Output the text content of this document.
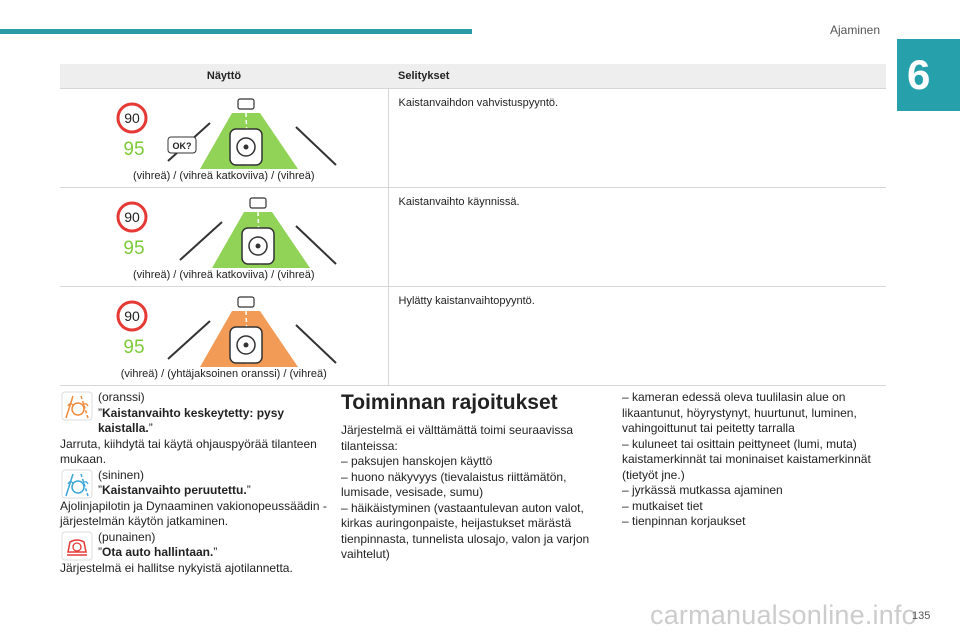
Ajaminen
6
Näyttö	Selitykset

90
95 OK?
(vihreä) / (vihreä katkoviiva) / (vihreä)	Kaistanvaihdon vahvistuspyyntö.

90
95
(vihreä) / (vihreä katkoviiva) / (vihreä)	Kaistanvaihto käynnissä.

90
95
(vihreä) / (yhtäjaksoinen oranssi) / (vihreä)	Hylätty kaistanvaihtopyyntö.
(oranssi)
”Kaistanvaihto keskeytetty: pysy kaistalla.”
Jarruta, kiihdytä tai käytä ohjauspyörää tilanteen mukaan.
(sininen)
”Kaistanvaihto peruutettu.”
Ajolinjapilotin ja Dynaaminen vakionopeussäädin -järjestelmän käytön jatkaminen.
(punainen)
”Ota auto hallintaan.”
Järjestelmä ei hallitse nykyistä ajotilannetta.
Toiminnan rajoitukset
Järjestelmä ei välttämättä toimi seuraavissa tilanteissa:
– paksujen hanskojen käyttö
– huono näkyvyys (tievalaistus riittämätön, lumisade, vesisade, sumu)
– häikäistyminen (vastaantulevan auton valot, kirkas auringonpaiste, heijastukset märästä tienpinnasta, tunnelista ulosajo, valon ja varjon vaihtelut)
– kameran edessä oleva tuulilasin alue on likaantunut, höyrystynyt, huurtunut, luminen, vahingoittunut tai peitetty tarralla
– kuluneet tai osittain peittyneet (lumi, muta) kaistamerkinnät tai moninaiset kaistamerkinnät (tietyöt jne.)
– jyrkässä mutkassa ajaminen
– mutkaiset tiet
– tienpinnan korjaukset
carmanualsonline.info
135
